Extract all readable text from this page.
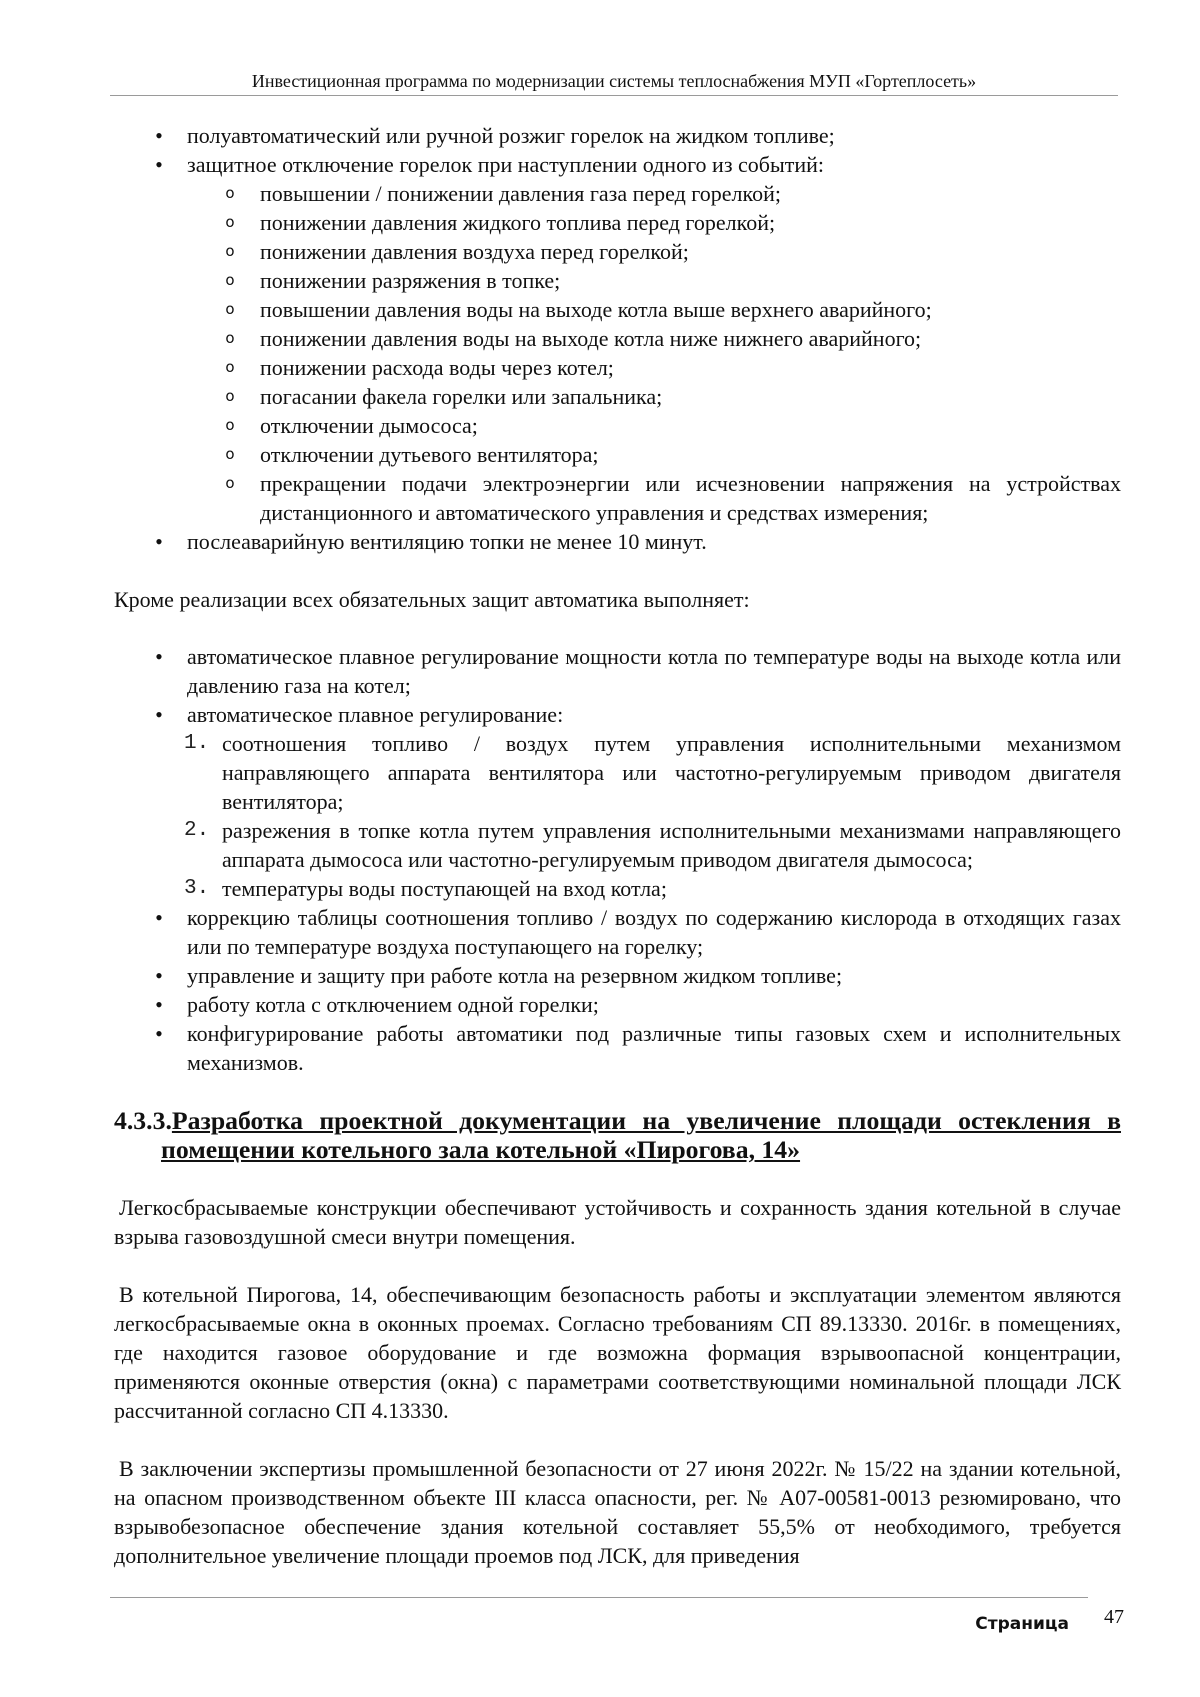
Инвестиционная программа по модернизации системы теплоснабжения МУП «Гортеплосеть»
• полуавтоматический или ручной розжиг горелок на жидком топливе;
• защитное отключение горелок при наступлении одного из событий:
o повышении / понижении давления газа перед горелкой;
o понижении давления жидкого топлива перед горелкой;
o понижении давления воздуха перед горелкой;
o понижении разряжения в топке;
o повышении давления воды на выходе котла выше верхнего аварийного;
o понижении давления воды на выходе котла ниже нижнего аварийного;
o понижении расхода воды через котел;
o погасании факела горелки или запальника;
o отключении дымососа;
o отключении дутьевого вентилятора;
o прекращении подачи электроэнергии или исчезновении напряжения на устройствах дистанционного и автоматического управления и средствах измерения;
• послеаварийную вентиляцию топки не менее 10 минут.

Кроме реализации всех обязательных защит автоматика выполняет:

• автоматическое плавное регулирование мощности котла по температуре воды на выходе котла или давлению газа на котел;
• автоматическое плавное регулирование:
1. соотношения топливо / воздух путем управления исполнительными механизмом направляющего аппарата вентилятора или частотно-регулируемым приводом двигателя вентилятора;
2. разрежения в топке котла путем управления исполнительными механизмами направляющего аппарата дымососа или частотно-регулируемым приводом двигателя дымососа;
3. температуры воды поступающей на вход котла;
• коррекцию таблицы соотношения топливо / воздух по содержанию кислорода в отходящих газах или по температуре воздуха поступающего на горелку;
• управление и защиту при работе котла на резервном жидком топливе;
• работу котла с отключением одной горелки;
• конфигурирование работы автоматики под различные типы газовых схем и исполнительных механизмов.
4.3.3.Разработка проектной документации на увеличение площади остекления в помещении котельного зала котельной «Пирогова, 14»

Легкосбрасываемые конструкции обеспечивают устойчивость и сохранность здания котельной в случае взрыва газовоздушной смеси внутри помещения.

В котельной Пирогова, 14, обеспечивающим безопасность работы и эксплуатации элементом являются легкосбрасываемые окна в оконных проемах. Согласно требованиям СП 89.13330. 2016г. в помещениях, где находится газовое оборудование и где возможна формация взрывоопасной концентрации, применяются оконные отверстия (окна) с параметрами соответствующими номинальной площади ЛСК рассчитанной согласно СП 4.13330.

В заключении экспертизы промышленной безопасности от 27 июня 2022г. № 15/22 на здании котельной, на опасном производственном объекте III класса опасности, рег. № А07-00581-0013 резюмировано, что взрывобезопасное обеспечение здания котельной составляет 55,5% от необходимого, требуется дополнительное увеличение площади проемов под ЛСК, для приведения

Страница 47
